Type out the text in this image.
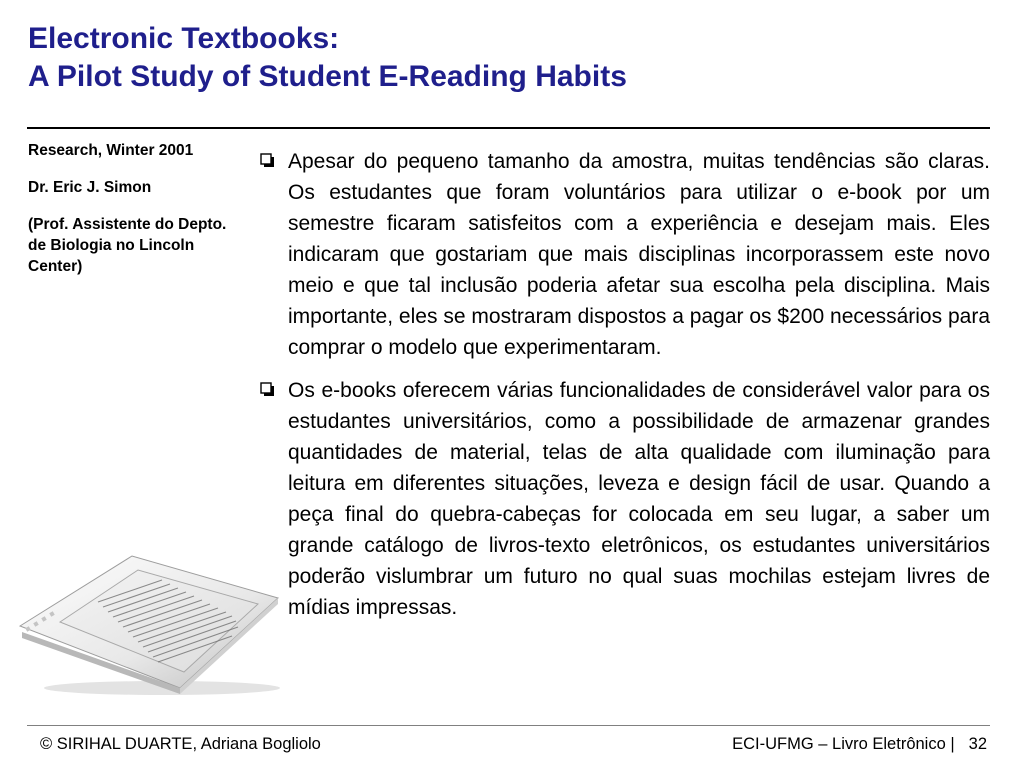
Electronic Textbooks:
A Pilot Study of Student E-Reading Habits

Research, Winter 2001

Dr. Eric J. Simon

(Prof. Assistente do Depto. de Biologia no Lincoln Center)

Apesar do pequeno tamanho da amostra, muitas tendências são claras. Os estudantes que foram voluntários para utilizar o e-book por um semestre ficaram satisfeitos com a experiência e desejam mais. Eles indicaram que gostariam que mais disciplinas incorporassem este novo meio e que tal inclusão poderia afetar sua escolha pela disciplina. Mais importante, eles se mostraram dispostos a pagar os $200 necessários para comprar o modelo que experimentaram.
Os e-books oferecem várias funcionalidades de considerável valor para os estudantes universitários, como a possibilidade de armazenar grandes quantidades de material, telas de alta qualidade com iluminação para leitura em diferentes situações, leveza e design fácil de usar. Quando a peça final do quebra-cabeças for colocada em seu lugar, a saber um grande catálogo de livros-texto eletrônicos, os estudantes universitários poderão vislumbrar um futuro no qual suas mochilas estejam livres de mídias impressas.
© SIRIHAL DUARTE, Adriana Bogliolo	ECI-UFMG – Livro Eletrônico | 32
